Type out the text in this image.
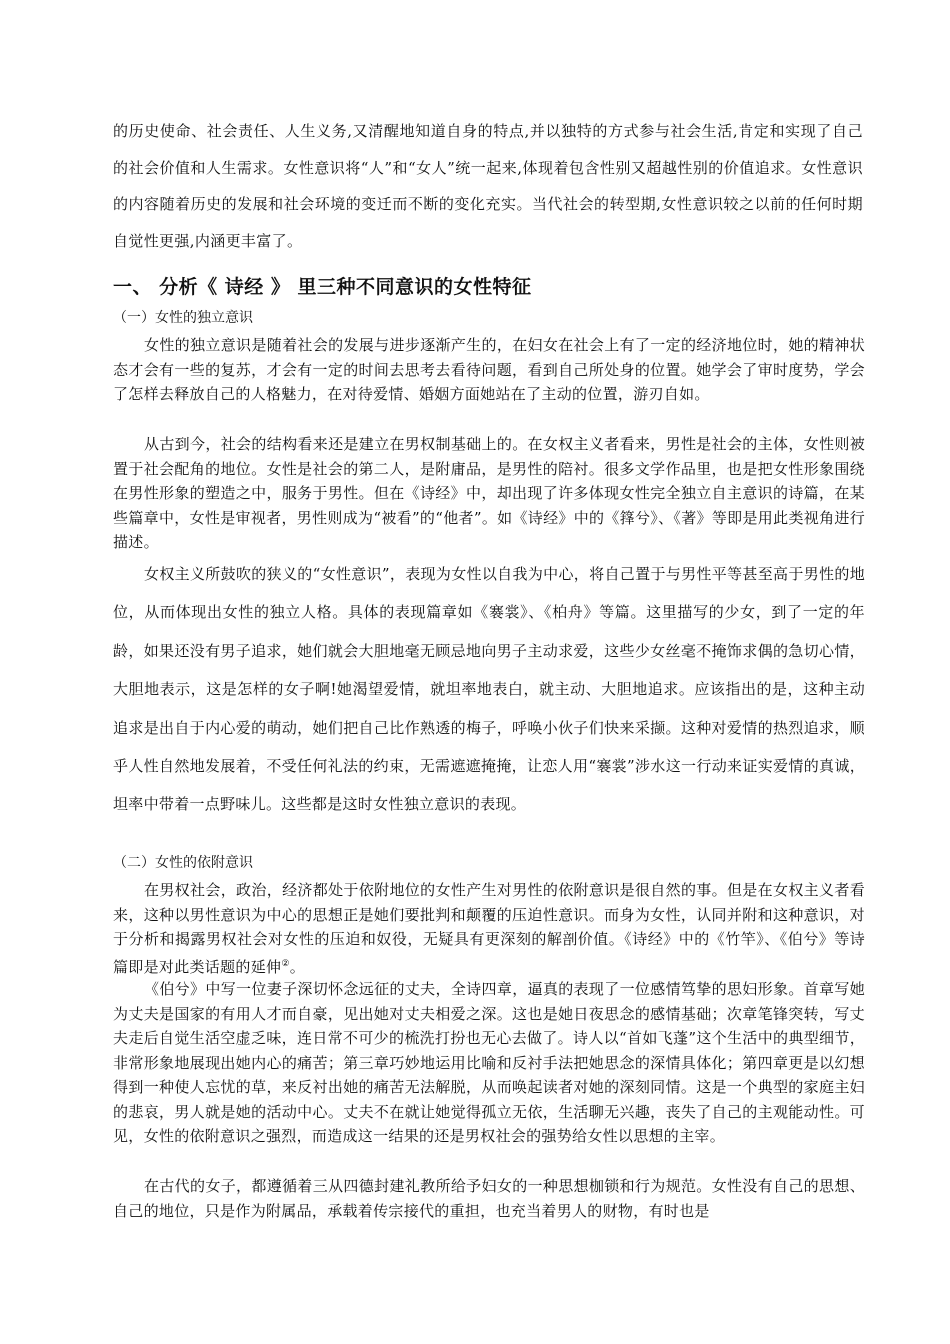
的历史使命、社会责任、人生义务,又清醒地知道自身的特点,并以独特的方式参与社会生活,肯定和实现了自己的社会价值和人生需求。女性意识将“人”和“女人”统一起来,体现着包含性别又超越性别的价值追求。女性意识的内容随着历史的发展和社会环境的变迁而不断的变化充实。当代社会的转型期,女性意识较之以前的任何时期自觉性更强,内涵更丰富了。

一、 分析《 诗经 》 里三种不同意识的女性特征
（一）女性的独立意识

女性的独立意识是随着社会的发展与进步逐渐产生的，在妇女在社会上有了一定的经济地位时，她的精神状态才会有一些的复苏，才会有一定的时间去思考去看待问题，看到自己所处身的位置。她学会了审时度势，学会了怎样去释放自己的人格魅力，在对待爱情、婚姻方面她站在了主动的位置，游刃自如。

从古到今，社会的结构看来还是建立在男权制基础上的。在女权主义者看来，男性是社会的主体，女性则被置于社会配角的地位。女性是社会的第二人，是附庸品，是男性的陪衬。很多文学作品里，也是把女性形象围绕在男性形象的塑造之中，服务于男性。但在《诗经》中，却出现了许多体现女性完全独立自主意识的诗篇，在某些篇章中，女性是审视者，男性则成为“被看”的“他者”。如《诗经》中的《箨兮》、《著》等即是用此类视角进行描述。

女权主义所鼓吹的狭义的“女性意识”，表现为女性以自我为中心，将自己置于与男性平等甚至高于男性的地位，从而体现出女性的独立人格。具体的表现篇章如《褰裳》、《柏舟》等篇。这里描写的少女，到了一定的年龄，如果还没有男子追求，她们就会大胆地毫无顾忌地向男子主动求爱，这些少女丝毫不掩饰求偶的急切心情，大胆地表示，这是怎样的女子啊!她渴望爱情，就坦率地表白，就主动、大胆地追求。应该指出的是，这种主动追求是出自于内心爱的萌动，她们把自己比作熟透的梅子，呼唤小伙子们快来采撷。这种对爱情的热烈追求，顺乎人性自然地发展着，不受任何礼法的约束，无需遮遮掩掩，让恋人用“褰裳”涉水这一行动来证实爱情的真诚，坦率中带着一点野味儿。这些都是这时女性独立意识的表现。

（二）女性的依附意识

在男权社会，政治，经济都处于依附地位的女性产生对男性的依附意识是很自然的事。但是在女权主义者看来，这种以男性意识为中心的思想正是她们要批判和颠覆的压迫性意识。而身为女性，认同并附和这种意识，对于分析和揭露男权社会对女性的压迫和奴役，无疑具有更深刻的解剖价值。《诗经》中的《竹竿》、《伯兮》等诗篇即是对此类话题的延伸②。

《伯兮》中写一位妻子深切怀念远征的丈夫，全诗四章，逼真的表现了一位感情笃挚的思妇形象。首章写她为丈夫是国家的有用人才而自豪，见出她对丈夫相爱之深。这也是她日夜思念的感情基础；次章笔锋突转，写丈夫走后自觉生活空虚乏味，连日常不可少的梳洗打扮也无心去做了。诗人以“首如飞蓬”这个生活中的典型细节，非常形象地展现出她内心的痛苦；第三章巧妙地运用比喻和反衬手法把她思念的深情具体化；第四章更是以幻想得到一种使人忘忧的草，来反衬出她的痛苦无法解脱，从而唤起读者对她的深刻同情。这是一个典型的家庭主妇的悲哀，男人就是她的活动中心。丈夫不在就让她觉得孤立无依，生活聊无兴趣，丧失了自己的主观能动性。可见，女性的依附意识之强烈，而造成这一结果的还是男权社会的强势给女性以思想的主宰。

在古代的女子，都遵循着三从四德封建礼教所给予妇女的一种思想枷锁和行为规范。女性没有自己的思想、自己的地位，只是作为附属品，承载着传宗接代的重担，也充当着男人的财物，有时也是
